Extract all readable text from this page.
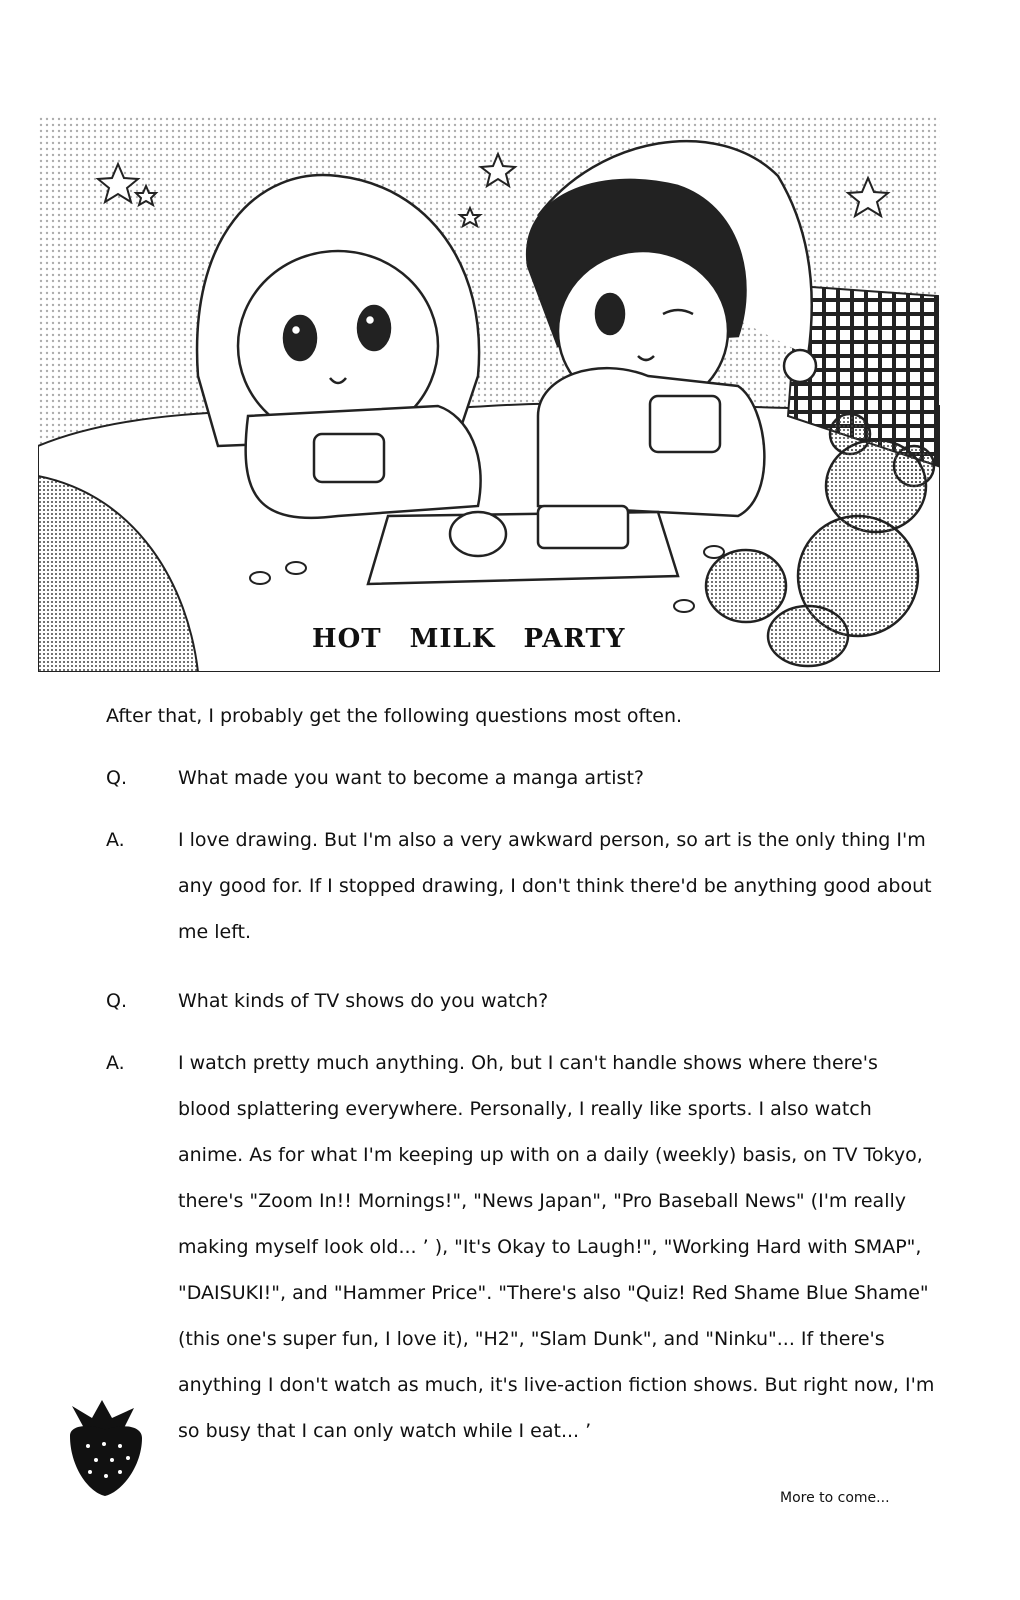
HOT MILK PARTY

After that, I probably get the following questions most often.

Q.	What made you want to become a manga artist?
A.	I love drawing. But I'm also a very awkward person, so art is the only thing I'm any good for. If I stopped drawing, I don't think there'd be anything good about me left.
Q.	What kinds of TV shows do you watch?
A.	I watch pretty much anything. Oh, but I can't handle shows where there's blood splattering everywhere. Personally, I really like sports. I also watch anime. As for what I'm keeping up with on a daily (weekly) basis, on TV Tokyo, there's "Zoom In!! Mornings!", "News Japan", "Pro Baseball News" (I'm really making myself look old... ’ ), "It's Okay to Laugh!", "Working Hard with SMAP", "DAISUKI!", and "Hammer Price". "There's also "Quiz! Red Shame Blue Shame" (this one's super fun, I love it), "H2", "Slam Dunk", and "Ninku"... If there's anything I don't watch as much, it's live-action fiction shows. But right now, I'm so busy that I can only watch while I eat... ’
More to come...
